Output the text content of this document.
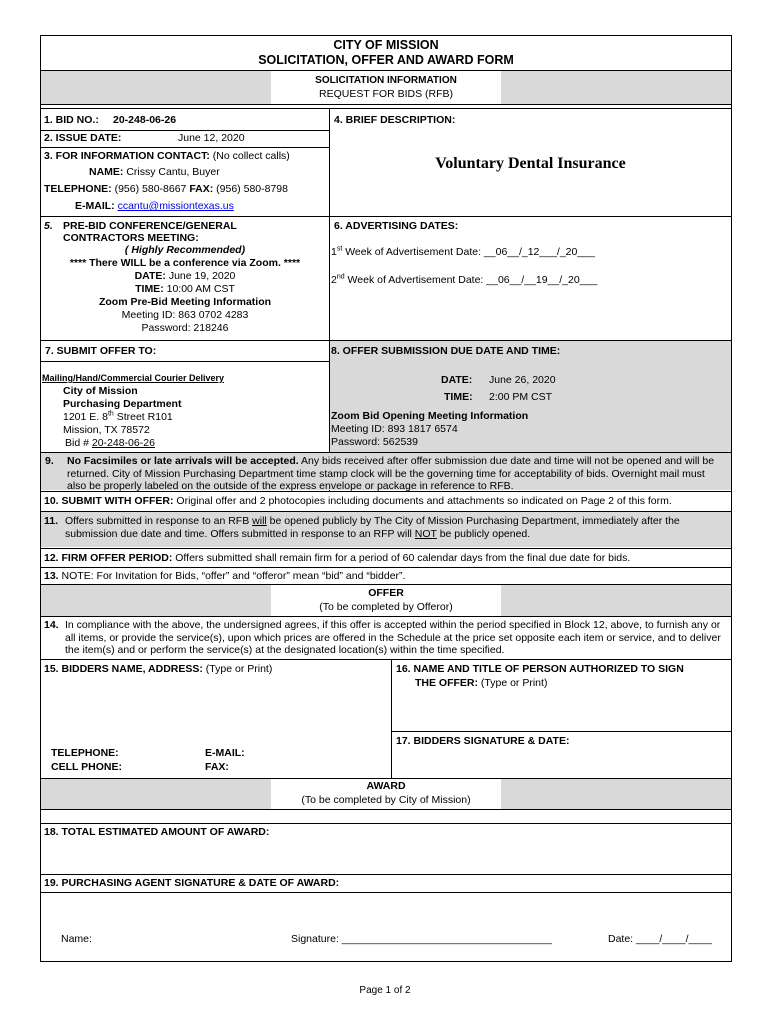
CITY OF MISSION
SOLICITATION, OFFER AND AWARD FORM
SOLICITATION INFORMATION
REQUEST FOR BIDS (RFB)
1. BID NO.: 20-248-06-26
2. ISSUE DATE:	June 12, 2020
3. FOR INFORMATION CONTACT: (No collect calls)
NAME: Crissy Cantu, Buyer
TELEPHONE: (956) 580-8667 FAX: (956) 580-8798
E-MAIL: ccantu@missiontexas.us
4. BRIEF DESCRIPTION:
Voluntary Dental Insurance
5. PRE-BID CONFERENCE/GENERAL
CONTRACTORS MEETING:
( Highly Recommended)
**** There WILL be a conference via Zoom. ****
DATE: June 19, 2020
TIME: 10:00 AM CST
Zoom Pre-Bid Meeting Information
Meeting ID: 863 0702 4283
Password: 218246
6. ADVERTISING DATES:
1st Week of Advertisement Date: __06__/_12___/_20___
2nd Week of Advertisement Date: __06__/__19__/_20___
7. SUBMIT OFFER TO:
Mailing/Hand/Commercial Courier Delivery
City of Mission
Purchasing Department
1201 E. 8th Street R101
Mission, TX 78572
Bid # 20-248-06-26
8. OFFER SUBMISSION DUE DATE AND TIME:
DATE: June 26, 2020
TIME: 2:00 PM CST
Zoom Bid Opening Meeting Information
Meeting ID: 893 1817 6574
Password: 562539
9. No Facsimiles or late arrivals will be accepted. Any bids received after offer submission due date and time will not be opened and will be returned. City of Mission Purchasing Department time stamp clock will be the governing time for acceptability of bids. Overnight mail must also be properly labeled on the outside of the express envelope or package in reference to RFB.
10. SUBMIT WITH OFFER: Original offer and 2 photocopies including documents and attachments so indicated on Page 2 of this form.
11. Offers submitted in response to an RFB will be opened publicly by The City of Mission Purchasing Department, immediately after the submission due date and time. Offers submitted in response to an RFP will NOT be publicly opened.
12. FIRM OFFER PERIOD: Offers submitted shall remain firm for a period of 60 calendar days from the final due date for bids.
13. NOTE: For Invitation for Bids, “offer” and “offeror” mean “bid” and “bidder”.
OFFER
(To be completed by Offeror)
14. In compliance with the above, the undersigned agrees, if this offer is accepted within the period specified in Block 12, above, to furnish any or all items, or provide the service(s), upon which prices are offered in the Schedule at the price set opposite each item or service, and to deliver the item(s) and or perform the service(s) at the designated location(s) within the time specified.
15. BIDDERS NAME, ADDRESS: (Type or Print)
TELEPHONE:
CELL PHONE:
E-MAIL:
FAX:
16. NAME AND TITLE OF PERSON AUTHORIZED TO SIGN
THE OFFER: (Type or Print)
17. BIDDERS SIGNATURE & DATE:
AWARD
(To be completed by City of Mission)
18. TOTAL ESTIMATED AMOUNT OF AWARD:
19. PURCHASING AGENT SIGNATURE & DATE OF AWARD:
Name:	Signature: ____________________________________	Date: ____/____/____
Page 1 of 2
